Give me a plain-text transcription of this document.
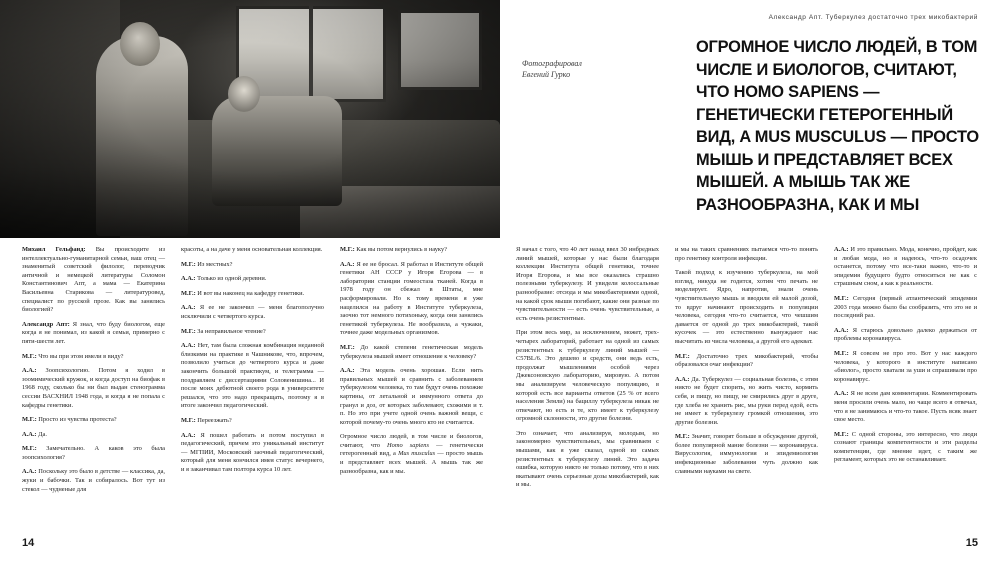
Михаил Гельфанд: Вы происходите из интеллектуально-гуманитарной семьи, ваш отец — знаменитый советский филолог, переводчик античной и немецкой литературы Соломон Константинович Апт, а мама — Екатерина Васильевна Стариковa — литературовед, специалист по русской прозе. Как вы занялись биологией?

Александр Апт: Я знал, что буду биологом, еще когда я не понимал, из какой я семьи, примерно с пяти-шести лет.

М.Г.: Что вы при этом имели в виду?

А.А.: Зоопсихологию. Потом я ходил в зоомимический кружок, и когда доступ на биофак в 1968 году, сколько бы ни был выдан стенограмма сессии ВАСХНИЛ 1948 года, и когда я не попала с кафедры генетики.

М.Г.: Просто из чувства протеста?

А.А.: Да.

М.Г.: Замечательно. А каков это была зоопсихология?

А.А.: Поскольку это было в детстве — классика, да, жуки и бабочки. Так и собиралось. Вот тут из стекол — чудненые для

красоты, а на даче у меня основательная коллекция.

М.Г.: Из местных?

А.А.: Только из одной деревни.

М.Г.: И вот вы наконец на кафедру генетики.

А.А.: Я ее не закончил — меня благополучно исключили с четвертого курса.

М.Г.: За неправильное чтение?

А.А.: Нет, там была сложная комбинация неданной близкими на практике в Чашникове, что, впрочем, позволило учиться до четвертого курса и даже закончить большой практикум, и телеграмма — поздравляем с диссертациями Соловенишина... И после моих дебютной своего рода в университете решался, что это надо прекращать, поэтому я в итоге закончил педагогический.

М.Г.: Переезжать?

А.А.: Я пошел работать и потом поступил в педагогический, причем это уникальный институт — МГПИИ, Московский заочный педагогический, который для меня кончился имея статус вечернего, и я заканчивал там полтора курса 10 лет.

М.Г.: Как вы потом вернулись в науку?

А.А.: Я ее не бросал. Я работал в Институте общей генетики АН СССР у Игоря Егорова — в лаборатории станции гомеостаза тканей. Когда в 1978 году он сбежал в Штаты, мне расформировали. Но к тому времени я уже нацелился на работу в Институте туберкулеза, заочно тот немного потихоньку, когда они занялись генетикой туберкулеза. Не вообразила, а чужаки, точнее даже модельных организмов.

М.Г.: До какой степени генетическая модель туберкулеза мышей имеет отношение к человеку?

А.А.: Эта модель очень хорошая. Если нить правильных мышей и сравнить с заболеванием туберкулезом человека, то там будут очень похожие картины, от летальной и иммунного ответа до гранул и доз, от которых заболевают, схожими и т. п. Но это при учете одной очень важной вещи, с которой почему-то очень много кто не считается.

Огромное число людей, в том числе и биологов, считают, что Homo sapiens — генетически гетерогенный вид, а Mus musculus — просто мышь и представляет всех мышей. А мышь так же разнообразна, как и мы.

14
Александр Апт. Туберкулез достаточно трех микобактерий
Фотографировал
Евгений Гурко
ОГРОМНОЕ ЧИСЛО ЛЮДЕЙ, В ТОМ ЧИСЛЕ И БИОЛОГОВ, СЧИТАЮТ, ЧТО HOMO SAPIENS — ГЕНЕТИЧЕСКИ ГЕТЕРОГЕННЫЙ ВИД, A MUS MUSCULUS — ПРОСТО МЫШЬ И ПРЕДСТАВЛЯЕТ ВСЕХ МЫШЕЙ. А МЫШЬ ТАК ЖЕ РАЗНООБРАЗНА, КАК И МЫ

Я начал с того, что 40 лет назад ввел 30 инбредных линий мышей, которые у нас были благодаря коллекции Института общей генетики, точнее Игоря Егорова, и мы все оказались страшно полезными туберкулезу. И увидели колоссальные разнообразие: отсюда и мы микобактериями одной, на какой срок мыши погибают, какие они разные по чувствительности — есть очень чувствительные, а есть очень резистентные.

При этом весь мир, за исключением, может, трех-четырех лабораторий, работает на одной из самых резистентных к туберкулезу линий мышей — C57BL/6. Это дешево и средств, они ведь есть, продолжат мышлениями особой через Джексоновскую лабораторию, мировую. А потом мы анализируем человеческую популяцию, в которой есть все варианты ответов (25 % от всего населения Земли) на бациллу туберкулеза никак не отвечают, но есть и те, кто имеет к туберкулезу огромной склонности, это другие болезни.

Это означает, что анализируя, молодым, но закономерно чувствительных, мы сравниваем с мышами, как я уже сказал, одной из самых резистентных к туберкулезу линий. Это задача ошибка, которую никто не только потому, что в них вкатывают очень серьезные дозы микобактерий, как и мы.

и мы на таких сравнениях пытаемся что-то понять про генетику контроля инфекции.

Такой подход к изучению туберкулеза, на мой взгляд, никуда не годится, хотим что печать не моделирует. Ядро, напротив, знали очень чувствительную мышь и вводили ей малой дозой, то вдруг начинают происходить в популяции человека, сегодня что-то считается, что чешшим давается от одной до трех микобактерий, такой кусочек — это естественно вынуждают нас высчитать из числа человека, а другой его адекват.

М.Г.: Достаточно трех микобактерий, чтобы образовался очаг инфекции?

А.А.: Да. Туберкулез — социальная болезнь, с этим никто не будет спорить, но жить чисто, кормить себя, и пищу, но пищу, не смирились друг в друге, где хлеба не хранить рис, мы руки перед едой, есть не имеет к туберкулезу громкой отношения, это другие болезни.

М.Г.: Значит, говорят больше в обсуждение другой, более популярной мание болезни — коронавируса. Вирусология, иммунология и эпидемиология инфекционные заболевания чуть должно как славными науками на свете.

А.А.: И это правильно. Мода, конечно, пройдет, как и любая мода, но я надеюсь, что-то осадочек останется, потому что все-таки важно, что-то и эпидемия будущего будто относиться не как с страшным сном, а как к реальности.

М.Г.: Сегодня (первый атлантический эпидемии 2003 года можно было бы сообразить, что это не и последний раз.

А.А.: Я старюсь довольно далеко держаться от проблемы коронавируса.

М.Г.: Я совсем не про это. Вот у нас каждого человека, у которого в институте написано «биолог», просто хватали за уши и спрашивали про коронавирус.

А.А.: Я не всем дам комментарии. Комментировать меня просили очень мало, но чаще всего я отвечал, что я не занимаюсь и что-то такое. Пусть всяк знает свое место.

М.Г.: С одной стороны, это интересно, что люди сознают границы компетентности и эти разделы компетенции, где мнение идет, с таким же регламент, которых это не останавливает.

15
